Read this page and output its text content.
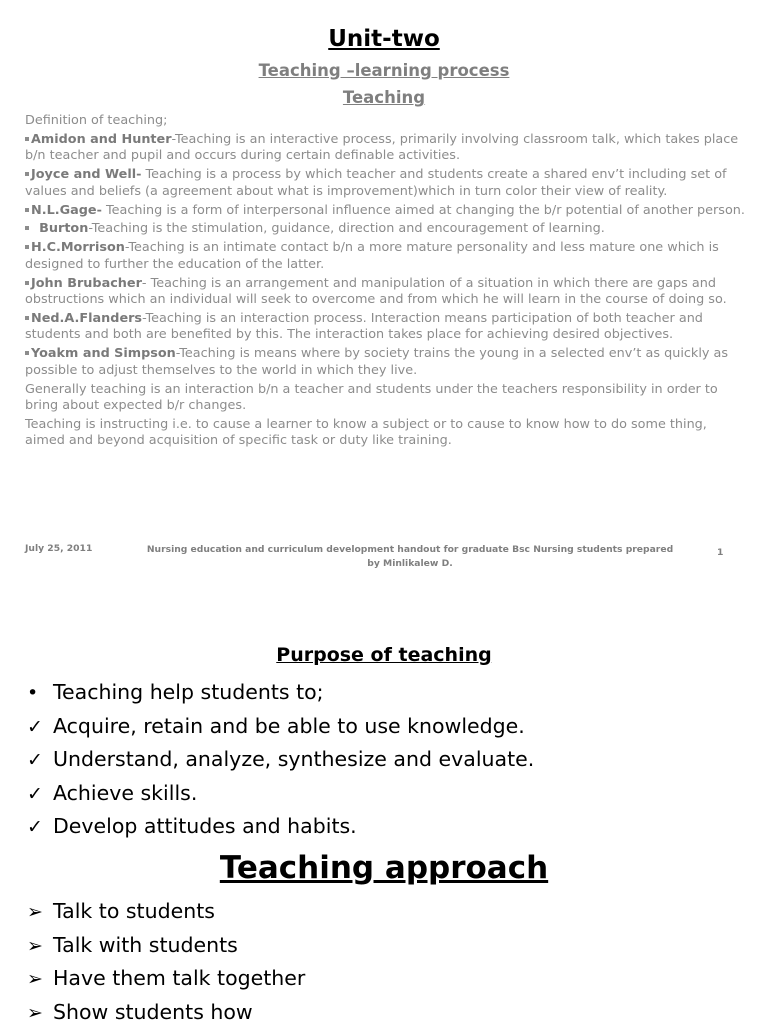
Unit-two
Teaching –learning process
Teaching
Definition of teaching;
Amidon and Hunter-Teaching is an interactive process, primarily involving classroom talk, which takes place b/n teacher and pupil and occurs during certain definable activities.
Joyce and Well- Teaching is a process by which teacher and students create a shared env’t including set of values and beliefs (a agreement about what is improvement)which in turn color their view of reality.
N.L.Gage- Teaching is a form of interpersonal influence aimed at changing the b/r potential of another person.
Burton-Teaching is the stimulation, guidance, direction and encouragement of learning.
H.C.Morrison-Teaching is an intimate contact b/n a more mature personality and less mature one which is designed to further the education of the latter.
John Brubacher- Teaching is an arrangement and manipulation of a situation in which there are gaps and obstructions which an individual will seek to overcome and from which he will learn in the course of doing so.
Ned.A.Flanders-Teaching is an interaction process. Interaction means participation of both teacher and students and both are benefited by this. The interaction takes place for achieving desired objectives.
Yoakm and Simpson-Teaching is means where by society trains the young in a selected env’t as quickly as possible to adjust themselves to the world in which they live.
Generally teaching is an interaction b/n a teacher and students under the teachers responsibility in order to bring about expected b/r changes.
Teaching is instructing i.e. to cause a learner to know a subject or to cause to know how to do some thing, aimed and beyond acquisition of specific task or duty like training.
July 25, 2011	Nursing education and curriculum development handout for graduate Bsc Nursing students prepared by Minlikalew D.
1
Purpose of teaching
• Teaching help students to;
✓ Acquire, retain and be able to use knowledge.
✓ Understand, analyze, synthesize and evaluate.
✓ Achieve skills.
✓ Develop attitudes and habits.
Teaching approach
➢ Talk to students
➢ Talk with students
➢ Have them talk together
➢ Show students how
